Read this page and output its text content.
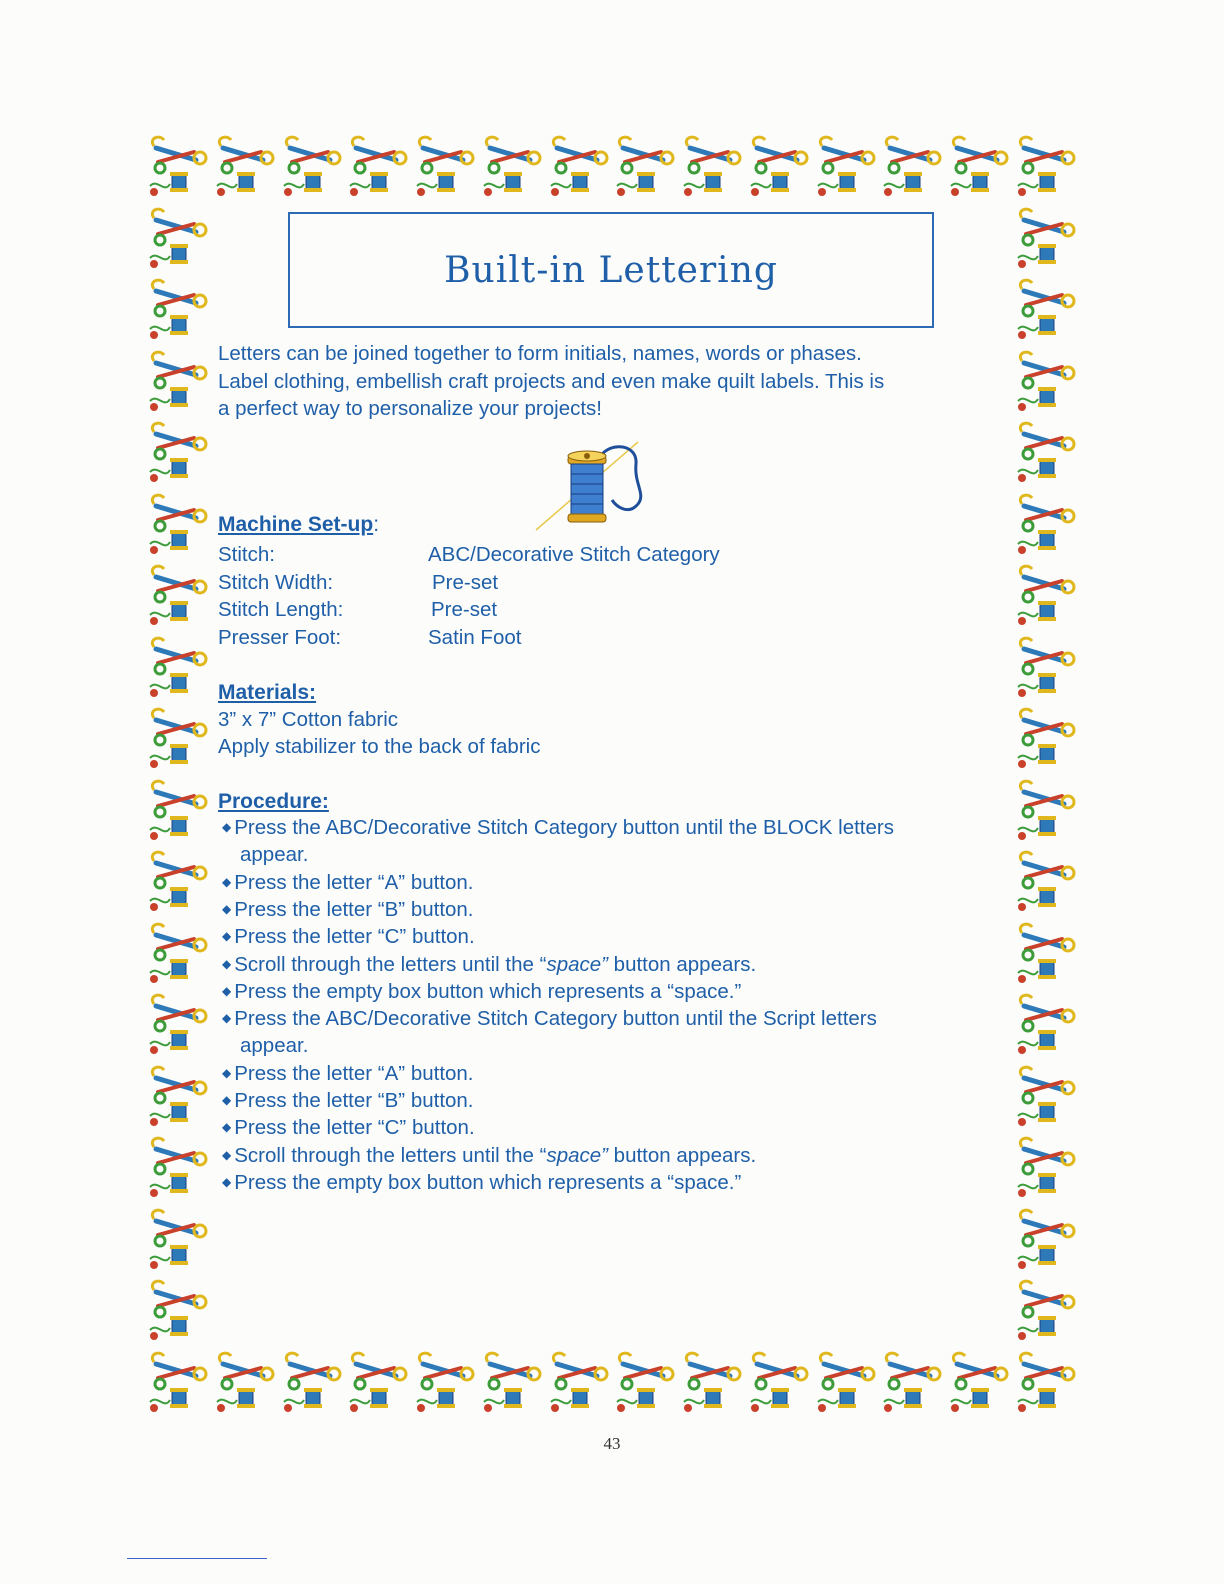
Built-in Lettering
Letters can be joined together to form initials, names, words or phases.
Label clothing, embellish craft projects and even make quilt labels. This is
a perfect way to personalize your projects!
Machine Set-up:
Stitch:	ABC/Decorative Stitch Category
Stitch Width:	Pre-set
Stitch Length:	Pre-set
Presser Foot:	Satin Foot
Materials:
3” x 7” Cotton fabric
Apply stabilizer to the back of fabric
Procedure:
◆ Press the ABC/Decorative Stitch Category button until the BLOCK letters
appear.
◆ Press the letter “A” button.
◆ Press the letter “B” button.
◆ Press the letter “C” button.
◆ Scroll through the letters until the “space” button appears.
◆ Press the empty box button which represents a “space.”
◆ Press the ABC/Decorative Stitch Category button until the Script letters
appear.
◆ Press the letter “A” button.
◆ Press the letter “B” button.
◆ Press the letter “C” button.
◆ Scroll through the letters until the “space” button appears.
◆ Press the empty box button which represents a “space.”
43
